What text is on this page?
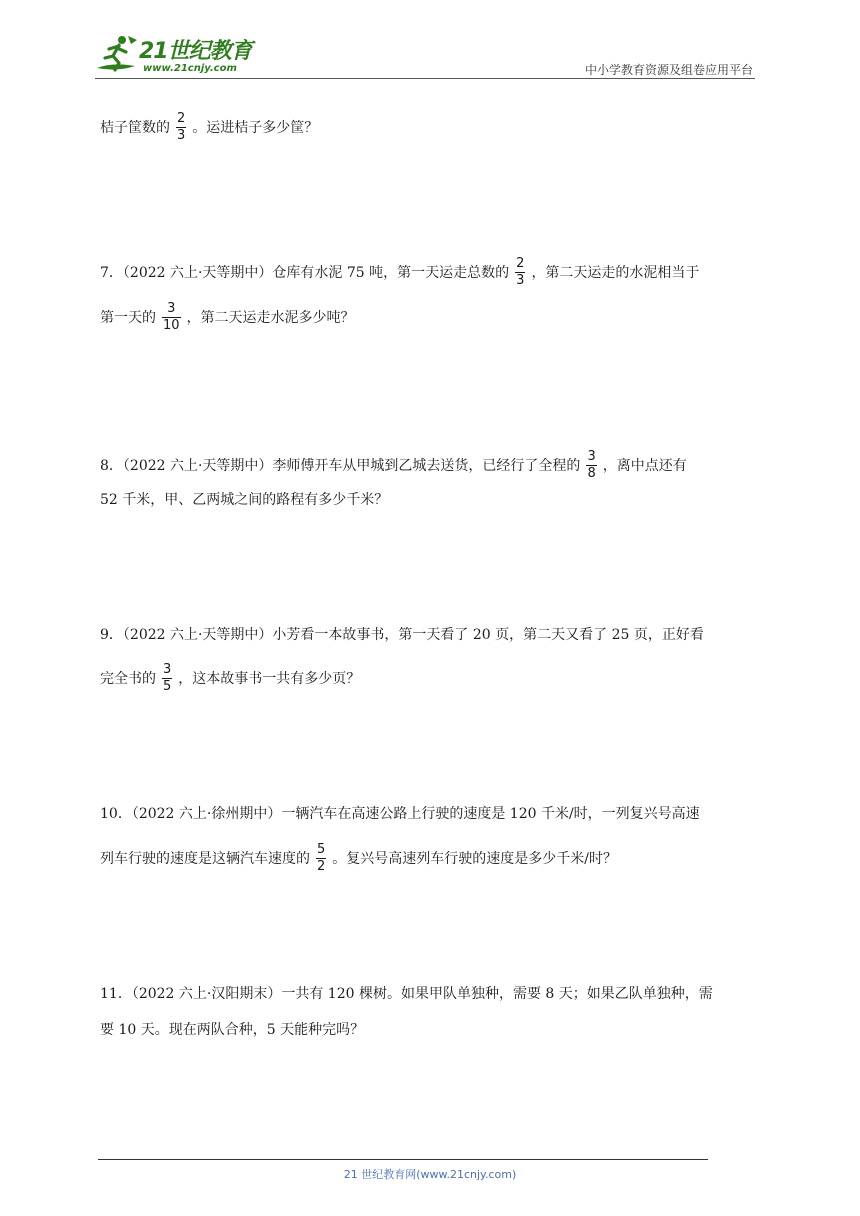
21世纪教育
www.21cnjy.com	中小学教育资源及组卷应用平台
桔子筐数的 $\frac{2}{3}$ 。运进桔子多少筐？
7．（2022 六上·天等期中）仓库有水泥 75 吨，第一天运走总数的 $\frac{2}{3}$ ，第二天运走的水泥相当于
第一天的 $\frac{3}{10}$ ，第二天运走水泥多少吨？
8．（2022 六上·天等期中）李师傅开车从甲城到乙城去送货，已经行了全程的 $\frac{3}{8}$ ，离中点还有
52 千米，甲、乙两城之间的路程有多少千米？
9．（2022 六上·天等期中）小芳看一本故事书，第一天看了 20 页，第二天又看了 25 页，正好看
完全书的 $\frac{3}{5}$ ，这本故事书一共有多少页？
10．（2022 六上·徐州期中）一辆汽车在高速公路上行驶的速度是 120 千米/时，一列复兴号高速
列车行驶的速度是这辆汽车速度的 $\frac{5}{2}$ 。复兴号高速列车行驶的速度是多少千米/时？
11．（2022 六上·汉阳期末）一共有 120 棵树。如果甲队单独种，需要 8 天；如果乙队单独种，需
要 10 天。现在两队合种，5 天能种完吗？
21 世纪教育网(www.21cnjy.com)
